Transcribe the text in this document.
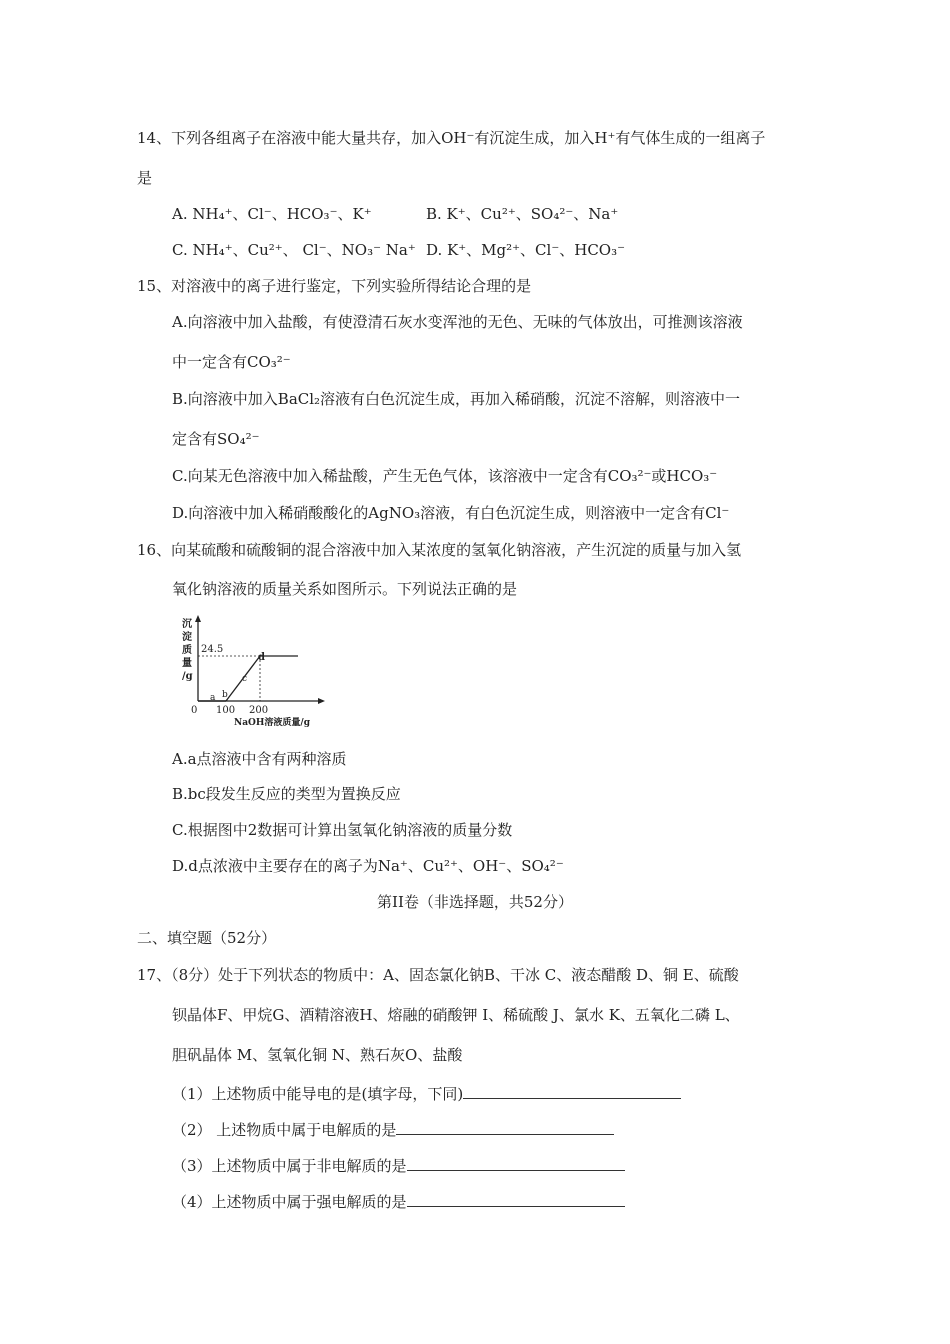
14、下列各组离子在溶液中能大量共存，加入OH⁻有沉淀生成，加入H⁺有气体生成的一组离子
是
A. NH₄⁺、Cl⁻、HCO₃⁻、K⁺	B. K⁺、Cu²⁺、SO₄²⁻、Na⁺
C. NH₄⁺、Cu²⁺、 Cl⁻、NO₃⁻ Na⁺ D. K⁺、Mg²⁺、Cl⁻、HCO₃⁻
15、对溶液中的离子进行鉴定，下列实验所得结论合理的是
A.向溶液中加入盐酸，有使澄清石灰水变浑池的无色、无味的气体放出，可推测该溶液
中一定含有CO₃²⁻
B.向溶液中加入BaCl₂溶液有白色沉淀生成，再加入稀硝酸，沉淀不溶解，则溶液中一
定含有SO₄²⁻
C.向某无色溶液中加入稀盐酸，产生无色气体，该溶液中一定含有CO₃²⁻或HCO₃⁻
D.向溶液中加入稀硝酸酸化的AgNO₃溶液，有白色沉淀生成，则溶液中一定含有Cl⁻
16、向某硫酸和硫酸铜的混合溶液中加入某浓度的氢氧化钠溶液，产生沉淀的质量与加入氢
氧化钠溶液的质量关系如图所示。下列说法正确的是
沉
淀
质
量
/g
24.5
d
c
b
a
0 100 200
NaOH溶液质量/g
A.a点溶液中含有两种溶质
B.bc段发生反应的类型为置换反应
C.根据图中2数据可计算出氢氧化钠溶液的质量分数
D.d点浓液中主要存在的离子为Na⁺、Cu²⁺、OH⁻、SO₄²⁻
第II卷（非选择题，共52分）
二、填空题（52分）
17、（8分）处于下列状态的物质中：A、固态氯化钠B、干冰 C、液态醋酸 D、铜 E、硫酸
钡晶体F、甲烷G、酒精溶液H、熔融的硝酸钾 I、稀硫酸 J、氯水 K、五氧化二磷 L、
胆矾晶体 M、氢氧化铜 N、熟石灰O、盐酸
（1）上述物质中能导电的是(填字母，下同)
（2） 上述物质中属于电解质的是
（3）上述物质中属于非电解质的是
（4）上述物质中属于强电解质的是
